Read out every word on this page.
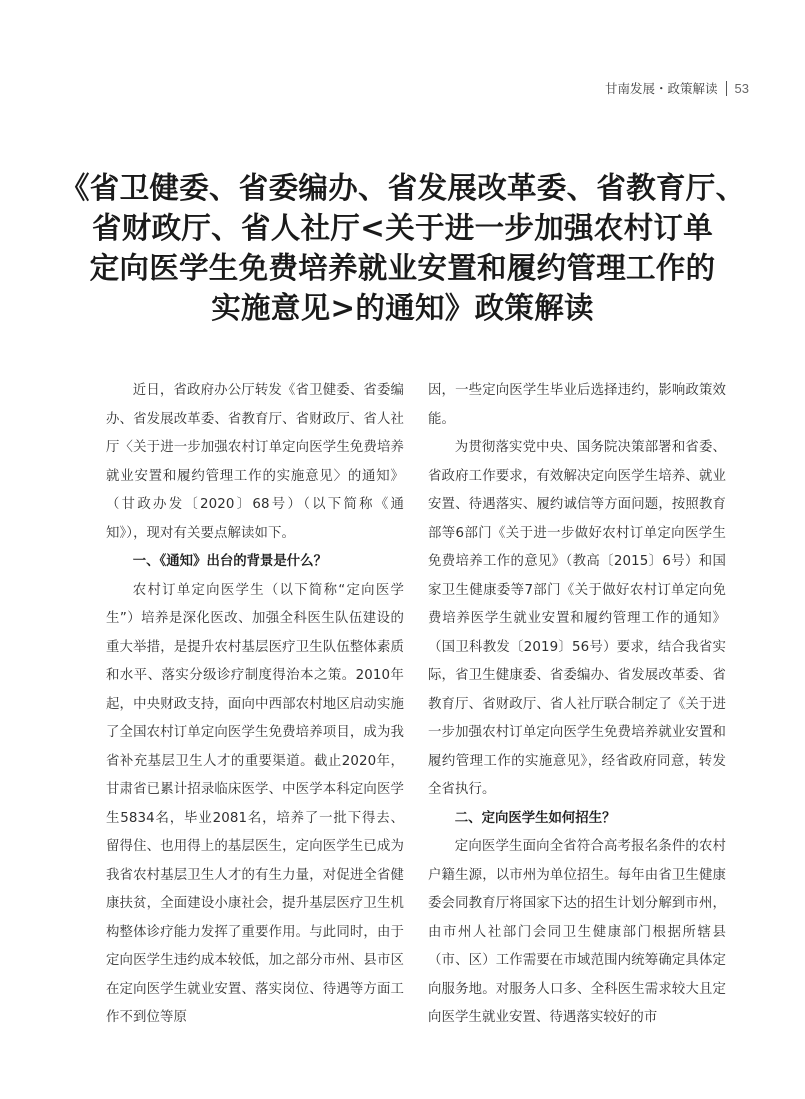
甘南发展・政策解读 53
《省卫健委、省委编办、省发展改革委、省教育厅、
省财政厅、省人社厅<关于进一步加强农村订单
定向医学生免费培养就业安置和履约管理工作的
实施意见>的通知》政策解读

近日，省政府办公厅转发《省卫健委、省委编办、省发展改革委、省教育厅、省财政厅、省人社厅〈关于进一步加强农村订单定向医学生免费培养就业安置和履约管理工作的实施意见〉的通知》（甘政办发〔2020〕68号）（以下简称《通知》），现对有关要点解读如下。

一、《通知》出台的背景是什么？

农村订单定向医学生（以下简称“定向医学生”）培养是深化医改、加强全科医生队伍建设的重大举措，是提升农村基层医疗卫生队伍整体素质和水平、落实分级诊疗制度得治本之策。2010年起，中央财政支持，面向中西部农村地区启动实施了全国农村订单定向医学生免费培养项目，成为我省补充基层卫生人才的重要渠道。截止2020年，甘肃省已累计招录临床医学、中医学本科定向医学生5834名，毕业2081名，培养了一批下得去、留得住、也用得上的基层医生，定向医学生已成为我省农村基层卫生人才的有生力量，对促进全省健康扶贫，全面建设小康社会，提升基层医疗卫生机构整体诊疗能力发挥了重要作用。与此同时，由于定向医学生违约成本较低，加之部分市州、县市区在定向医学生就业安置、落实岗位、待遇等方面工作不到位等原

因，一些定向医学生毕业后选择违约，影响政策效能。

为贯彻落实党中央、国务院决策部署和省委、省政府工作要求，有效解决定向医学生培养、就业安置、待遇落实、履约诚信等方面问题，按照教育部等6部门《关于进一步做好农村订单定向医学生免费培养工作的意见》（教高〔2015〕6号）和国家卫生健康委等7部门《关于做好农村订单定向免费培养医学生就业安置和履约管理工作的通知》（国卫科教发〔2019〕56号）要求，结合我省实际，省卫生健康委、省委编办、省发展改革委、省教育厅、省财政厅、省人社厅联合制定了《关于进一步加强农村订单定向医学生免费培养就业安置和履约管理工作的实施意见》，经省政府同意，转发全省执行。

二、定向医学生如何招生？

定向医学生面向全省符合高考报名条件的农村户籍生源，以市州为单位招生。每年由省卫生健康委会同教育厅将国家下达的招生计划分解到市州，由市州人社部门会同卫生健康部门根据所辖县（市、区）工作需要在市域范围内统筹确定具体定向服务地。对服务人口多、全科医生需求较大且定向医学生就业安置、待遇落实较好的市
